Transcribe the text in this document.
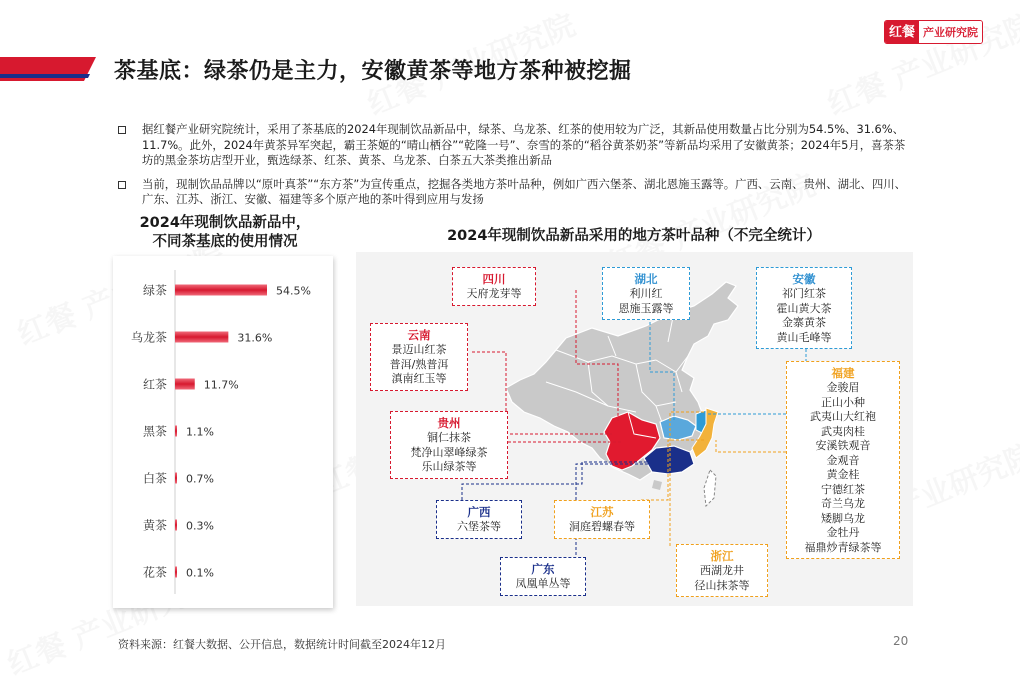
茶基底：绿茶仍是主力，安徽黄茶等地方茶种被挖掘
红餐 产业研究院
据红餐产业研究院统计，采用了茶基底的2024年现制饮品新品中，绿茶、乌龙茶、红茶的使用较为广泛，其新品使用数量占比分别为54.5%、31.6%、11.7%。此外，2024年黄茶异军突起，霸王茶姬的“晴山栖谷”“乾隆一号”、奈雪的茶的“稻谷黄茶奶茶”等新品均采用了安徽黄茶；2024年5月，喜茶茶坊的黑金茶坊店型开业，甄选绿茶、红茶、黄茶、乌龙茶、白茶五大茶类推出新品
当前，现制饮品品牌以“原叶真茶”“东方茶”为宣传重点，挖掘各类地方茶叶品种，例如广西六堡茶、湖北恩施玉露等。广西、云南、贵州、湖北、四川、广东、江苏、浙江、安徽、福建等多个原产地的茶叶得到应用与发扬
2024年现制饮品新品中，
不同茶基底的使用情况
绿茶	54.5%
乌龙茶	31.6%
红茶	11.7%
黑茶 1.1%
白茶 0.7%
黄茶 0.3%
花茶 0.1%
2024年现制饮品新品采用的地方茶叶品种（不完全统计）
四川
天府龙芽等
云南
景迈山红茶
普洱/熟普洱
滇南红玉等
贵州
铜仁抹茶
梵净山翠峰绿茶
乐山绿茶等
湖北
利川红
恩施玉露等
安徽
祁门红茶
霍山黄大茶
金寨黄茶
黄山毛峰等
广西
六堡茶等
广东
凤凰单丛等
江苏
洞庭碧螺春等
浙江
西湖龙井
径山抹茶等
福建
金骏眉
正山小种
武夷山大红袍
武夷肉桂
安溪铁观音
金观音
黄金桂
宁德红茶
奇兰乌龙
矮脚乌龙
金牡丹
福鼎炒青绿茶等
资料来源：红餐大数据、公开信息，数据统计时间截至2024年12月	20
